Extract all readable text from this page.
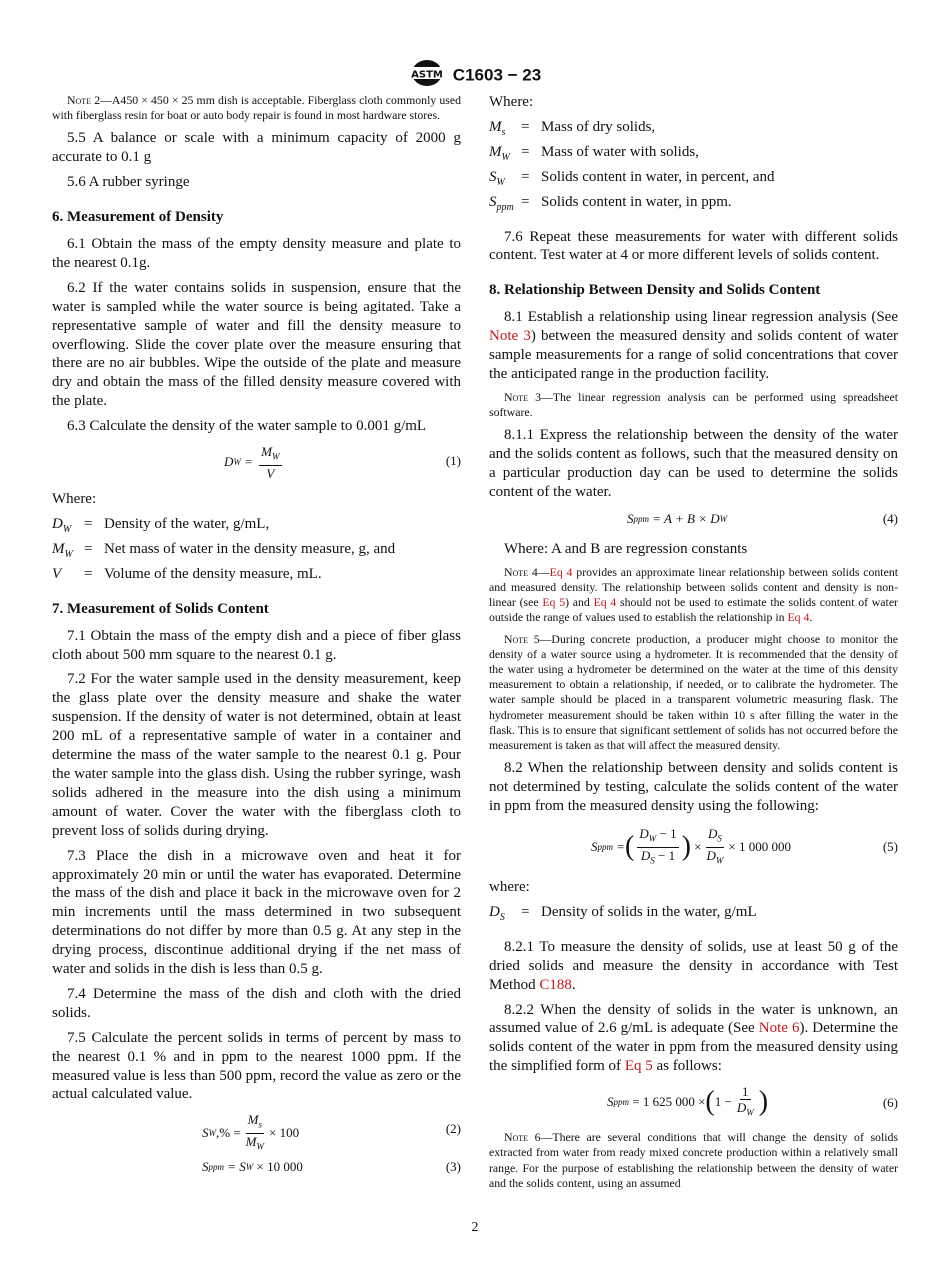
ASTM C1603 − 23
Note 2—A450 × 450 × 25 mm dish is acceptable. Fiberglass cloth commonly used with fiberglass resin for boat or auto body repair is found in most hardware stores.

5.5 A balance or scale with a minimum capacity of 2000 g accurate to 0.1 g

5.6 A rubber syringe

6. Measurement of Density

6.1 Obtain the mass of the empty density measure and plate to the nearest 0.1g.

6.2 If the water contains solids in suspension, ensure that the water is sampled while the water source is being agitated. Take a representative sample of water and fill the density measure to overflowing. Slide the cover plate over the measure ensuring that there are no air bubbles. Wipe the outside of the plate and measure dry and obtain the mass of the filled density measure covered with the plate.

6.3 Calculate the density of the water sample to 0.001 g/mL

D $W = \frac{M_W}{V}$	(1)

Where:

$D_W$ = Density of the water, g/mL,
$M_W$ = Net mass of water in the density measure, g, and
V	= Volume of the density measure, mL.
7. Measurement of Solids Content

7.1 Obtain the mass of the empty dish and a piece of fiber glass cloth about 500 mm square to the nearest 0.1 g.

7.2 For the water sample used in the density measurement, keep the glass plate over the density measure and shake the water suspension. If the density of water is not determined, obtain at least 200 mL of a representative sample of water in a container and determine the mass of the water sample to the nearest 0.1 g. Pour the water sample into the glass dish. Using the rubber syringe, wash solids adhered in the measure into the dish using a minimum amount of water. Cover the water with the fiberglass cloth to prevent loss of solids during drying.

7.3 Place the dish in a microwave oven and heat it for approximately 20 min or until the water has evaporated. Determine the mass of the dish and place it back in the microwave oven for 2 min increments until the mass determined in two subsequent determinations do not differ by more than 0.5 g. At any step in the drying process, discontinue additional drying if the net mass of water and solids in the dish is less than 0.5 g.

7.4 Determine the mass of the dish and cloth with the dried solids.

7.5 Calculate the percent solids in terms of percent by mass to the nearest 0.1 % and in ppm to the nearest 1000 ppm. If the measured value is less than 500 ppm, record the value as zero or the actual calculated value.

S W ,% = $\frac{M_s}{M_W} \times 100$	(2)
S ppm
= S W
× 10 000	(3)

Where:

$M_s$	= Mass of dry solids,
$M_W$ = Mass of water with solids,
$S_W$	= Solids content in water, in percent, and
$S_{ppm}$ = Solids content in water, in ppm.

7.6 Repeat these measurements for water with different solids content. Test water at 4 or more different levels of solids content.

8. Relationship Between Density and Solids Content

8.1 Establish a relationship using linear regression analysis (See Note 3) between the measured density and solids content of water sample measurements for a range of solid concentrations that cover the anticipated range in the production facility.

Note 3—The linear regression analysis can be performed using spreadsheet software.

8.1.1 Express the relationship between the density of the water and the solids content as follows, such that the measured density on a particular production day can be used to determine the solids content of the water.

S ppm
= A + B × D W	(4)

Where: A and B are regression constants

Note 4—Eq 4 provides an approximate linear relationship between solids content and measured density. The relationship between solids content and density is non-linear (see Eq 5) and Eq 4 should not be used to estimate the solids content of water outside the range of values used to establish the relationship in Eq 4.
Note 5—During concrete production, a producer might choose to monitor the density of a water source using a hydrometer. It is recommended that the density of the water using a hydrometer be determined on the water at the time of this density measurement to obtain a relationship, if needed, or to calibrate the hydrometer. The water sample should be placed in a transparent volumetric measuring flask. The hydrometer measurement should be taken within 10 s after filling the water in the flask. This is to ensure that significant settlement of solids has not occurred before the measurement is taken as that will affect the measured density.

8.2 When the relationship between density and solids content is not determined by testing, calculate the solids content of the water in ppm from the measured density using the following:

S ppm = ( $\frac{D_W - 1}{D_S - 1}$ )
× $\frac{D_S}{D_W} \times 1$ 000 000	(5)

where:

$D_S$	= Density of solids in the water, g/mL

8.2.1 To measure the density of solids, use at least 50 g of the dried solids and measure the density in accordance with Test Method C188.

8.2.2 When the density of solids in the water is unknown, an assumed value of 2.6 g/mL is adequate (See Note 6). Determine the solids content of the water in ppm from the measured density using the simplified form of Eq 5 as follows:

S ppm
= 1 625 000 × ( $1 - \frac{1}{D_W}$ )	(6)
Note 6—There are several conditions that will change the density of solids extracted from water from ready mixed concrete production within a relatively small range. For the purpose of establishing the relationship between the density of water and the solids content, using an assumed
2
